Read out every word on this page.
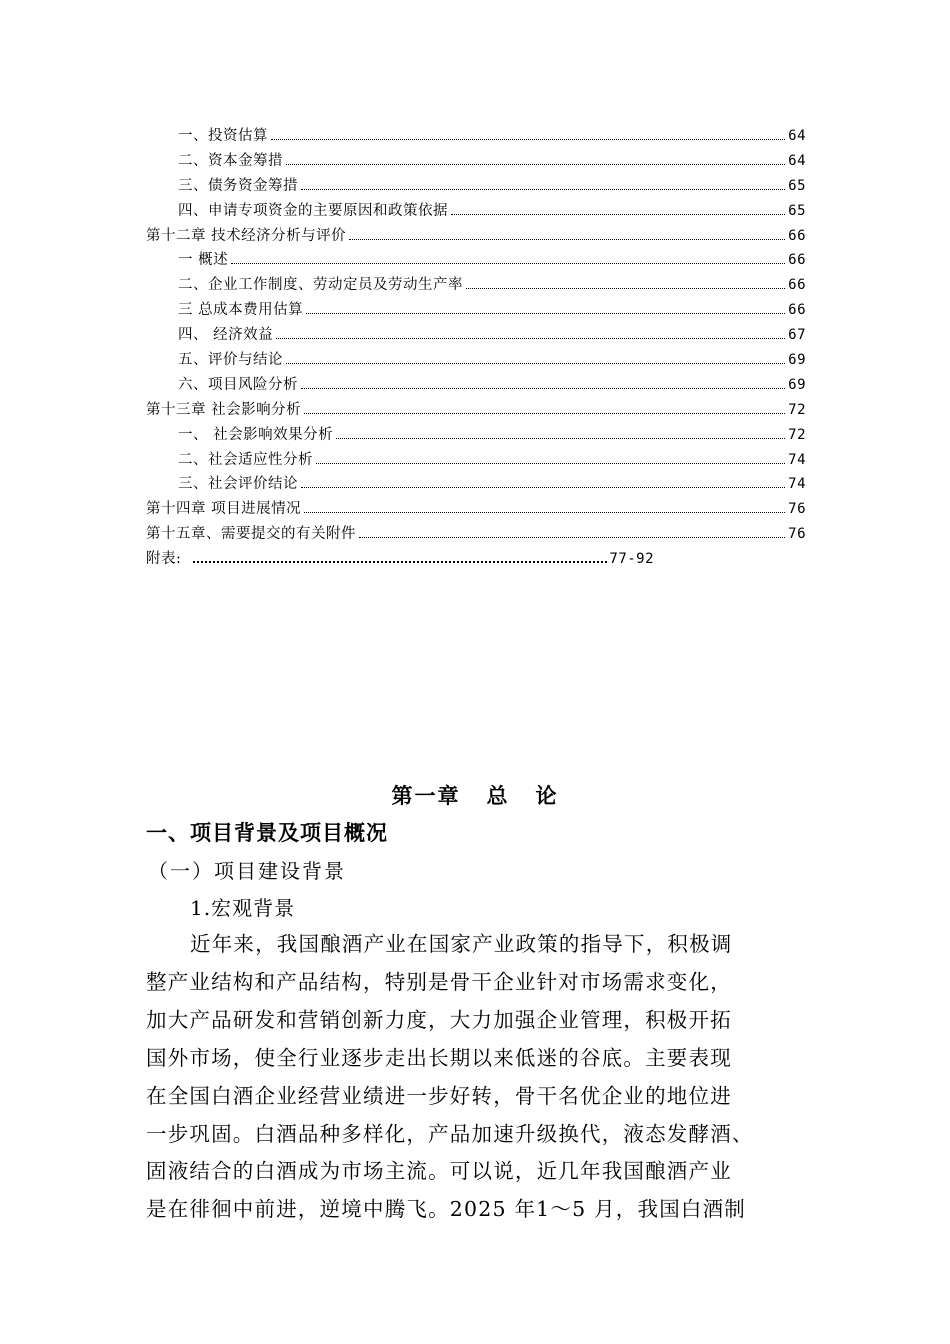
一、投资估算	64
二、资本金筹措	64
三、债务资金筹措	65
四、申请专项资金的主要原因和政策依据	65
第十二章 技术经济分析与评价	66
一 概述	66
二、企业工作制度、劳动定员及劳动生产率	66
三 总成本费用估算	66
四、 经济效益	67
五、评价与结论	69
六、项目风险分析	69
第十三章 社会影响分析	72
一、 社会影响效果分析	72
二、社会适应性分析	74
三、社会评价结论	74
第十四章 项目进展情况	76
第十五章、需要提交的有关附件	76
附表:	77-92
第一章 总 论
一、项目背景及项目概况
（一）项目建设背景
1.宏观背景
近年来，我国酿酒产业在国家产业政策的指导下，积极调
整产业结构和产品结构，特别是骨干企业针对市场需求变化，
加大产品研发和营销创新力度，大力加强企业管理，积极开拓
国外市场，使全行业逐步走出长期以来低迷的谷底。主要表现
在全国白酒企业经营业绩进一步好转，骨干名优企业的地位进
一步巩固。白酒品种多样化，产品加速升级换代，液态发酵酒、
固液结合的白酒成为市场主流。可以说，近几年我国酿酒产业
是在徘徊中前进，逆境中腾飞。2025 年1～5 月，我国白酒制
